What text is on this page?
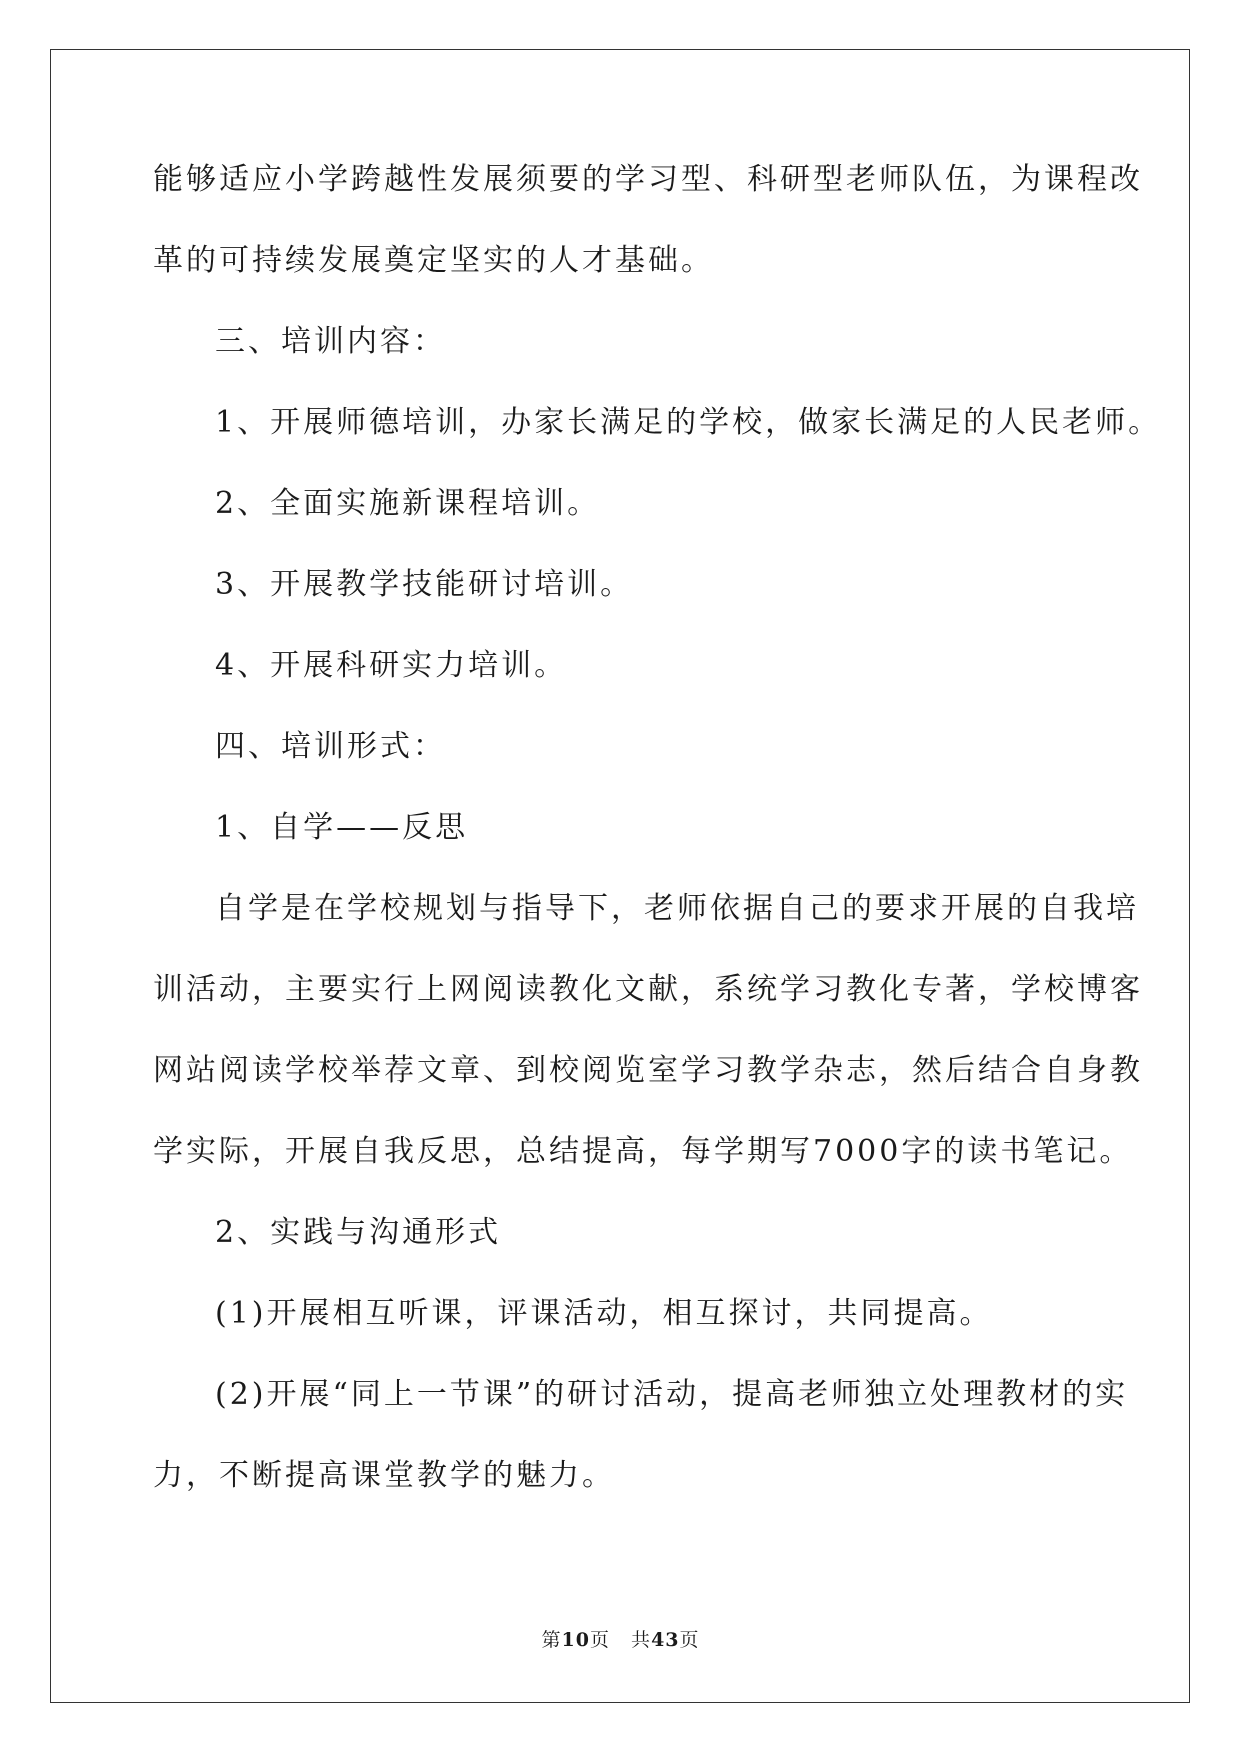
能够适应小学跨越性发展须要的学习型、科研型老师队伍，为课程改

革的可持续发展奠定坚实的人才基础。

三、培训内容：

1、开展师德培训，办家长满足的学校，做家长满足的人民老师。

2、全面实施新课程培训。

3、开展教学技能研讨培训。

4、开展科研实力培训。

四、培训形式：

1、自学——反思

自学是在学校规划与指导下，老师依据自己的要求开展的自我培

训活动，主要实行上网阅读教化文献，系统学习教化专著，学校博客

网站阅读学校举荐文章、到校阅览室学习教学杂志，然后结合自身教

学实际，开展自我反思，总结提高，每学期写7000字的读书笔记。

2、实践与沟通形式

(1)开展相互听课，评课活动，相互探讨，共同提高。

(2)开展“同上一节课”的研讨活动，提高老师独立处理教材的实

力，不断提高课堂教学的魅力。

第10页   共43页
